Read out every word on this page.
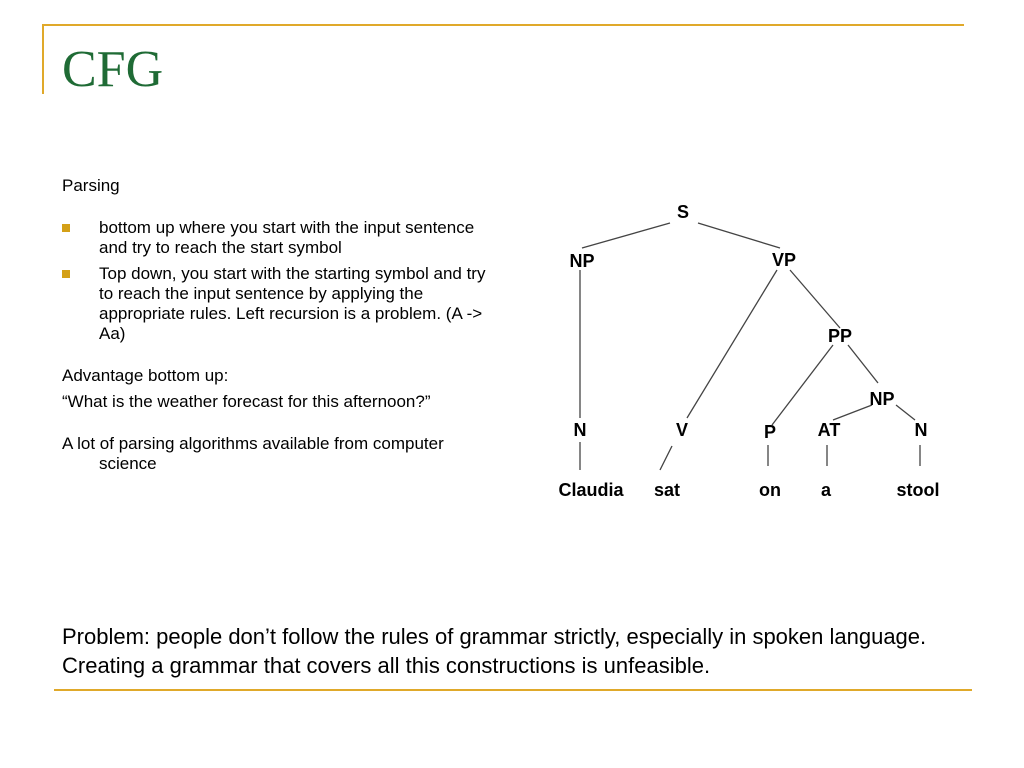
CFG

Parsing

bottom up where you start with the input sentence and try to reach the start symbol
Top down, you start with the starting symbol and try to reach the input sentence by applying the appropriate rules. Left recursion is a problem. (A -> Aa)

Advantage bottom up:

“What is the weather forecast for this afternoon?”

A lot of parsing algorithms available from computer science

S
NP	VP
PP
NP
N	V	P AT	N
Claudia sat	on a	stool

Problem: people don’t follow the rules of grammar strictly, especially in spoken language. Creating a grammar that covers all this constructions is unfeasible.
